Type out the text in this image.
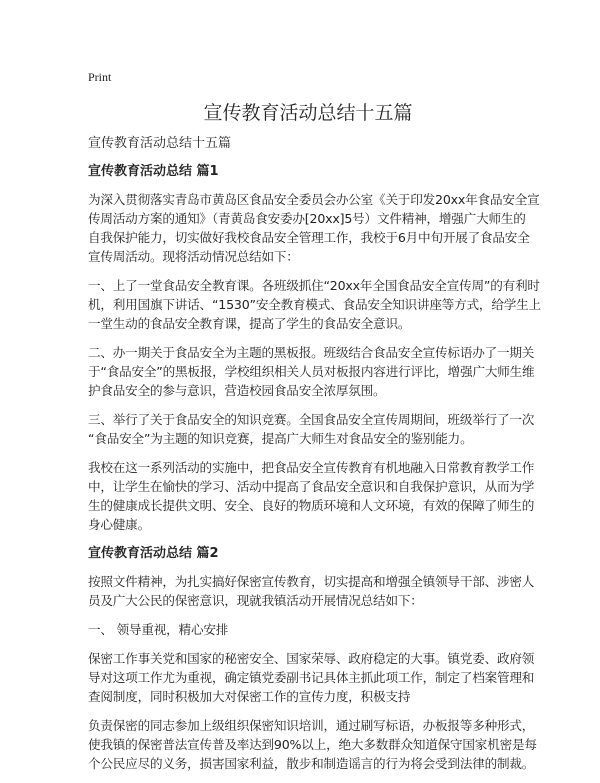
Print
宣传教育活动总结十五篇
宣传教育活动总结十五篇
宣传教育活动总结 篇1
为深入贯彻落实青岛市黄岛区食品安全委员会办公室《关于印发20xx年食品安全宣
传周活动方案的通知》（青黄岛食安委办[20xx]5号）文件精神，增强广大师生的
自我保护能力，切实做好我校食品安全管理工作，我校于6月中旬开展了食品安全
宣传周活动。现将活动情况总结如下：
一、上了一堂食品安全教育课。各班级抓住“20xx年全国食品安全宣传周”的有利时
机，利用国旗下讲话、“1530”安全教育模式、食品安全知识讲座等方式，给学生上
一堂生动的食品安全教育课，提高了学生的食品安全意识。
二、办一期关于食品安全为主题的黑板报。班级结合食品安全宣传标语办了一期关
于“食品安全”的黑板报，学校组织相关人员对板报内容进行评比，增强广大师生维
护食品安全的参与意识，营造校园食品安全浓厚氛围。
三、举行了关于食品安全的知识竞赛。全国食品安全宣传周期间，班级举行了一次
“食品安全”为主题的知识竞赛，提高广大师生对食品安全的鉴别能力。
我校在这一系列活动的实施中，把食品安全宣传教育有机地融入日常教育教学工作
中，让学生在愉快的学习、活动中提高了食品安全意识和自我保护意识，从而为学
生的健康成长提供文明、安全、良好的物质环境和人文环境，有效的保障了师生的
身心健康。
宣传教育活动总结 篇2
按照文件精神，为扎实搞好保密宣传教育，切实提高和增强全镇领导干部、涉密人
员及广大公民的保密意识，现就我镇活动开展情况总结如下：
一、 领导重视，精心安排
保密工作事关党和国家的秘密安全、国家荣辱、政府稳定的大事。镇党委、政府领
导对这项工作尤为重视，确定镇党委副书记具体主抓此项工作，制定了档案管理和
查阅制度，同时积极加大对保密工作的宣传力度，积极支持
负责保密的同志参加上级组织保密知识培训，通过刷写标语，办板报等多种形式，
使我镇的保密普法宣传普及率达到90%以上，绝大多数群众知道保守国家机密是每
个公民应尽的义务，损害国家利益，散步和制造谣言的行为将会受到法律的制裁。
